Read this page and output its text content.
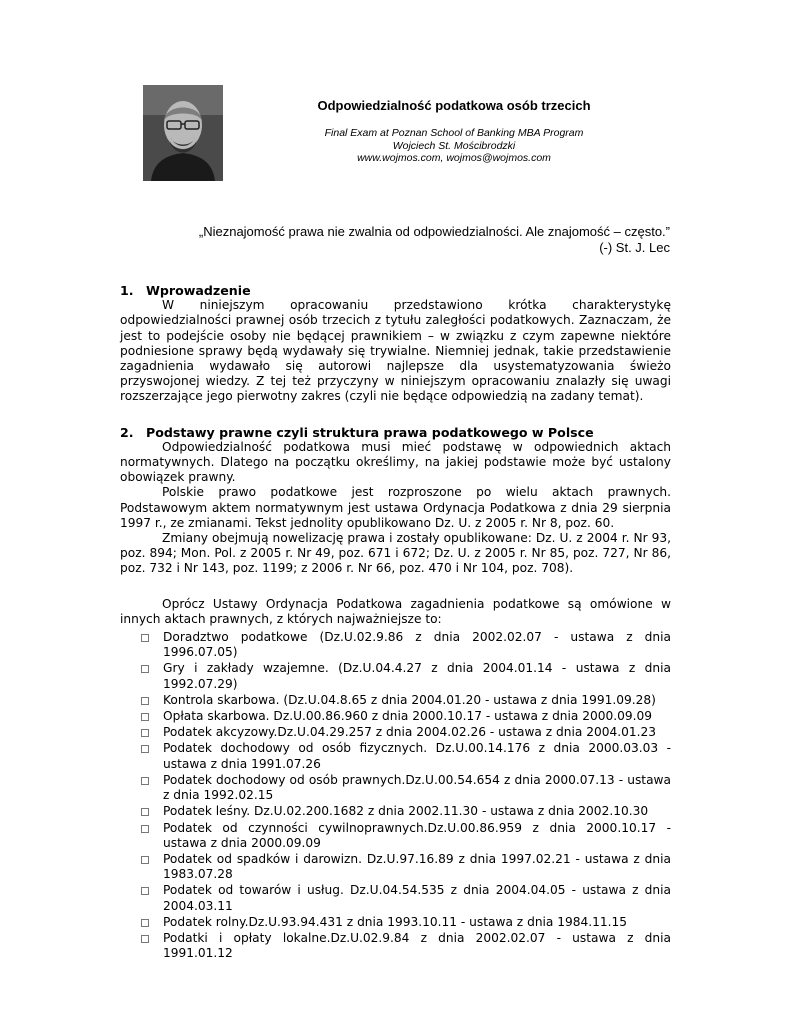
Odpowiedzialność podatkowa osób trzecich

Final Exam at Poznan School of Banking MBA Program

Wojciech St. Mościbrodzki

www.wojmos.com, wojmos@wojmos.com

„Nieznajomość prawa nie zwalnia od odpowiedzialności. Ale znajomość – często.”

(-) St. J. Lec

1. Wprowadzenie

W niniejszym opracowaniu przedstawiono krótka charakterystykę odpowiedzialności prawnej osób trzecich z tytułu zaległości podatkowych. Zaznaczam, że jest to podejście osoby nie będącej prawnikiem – w związku z czym zapewne niektóre podniesione sprawy będą wydawały się trywialne. Niemniej jednak, takie przedstawienie zagadnienia wydawało się autorowi najlepsze dla usystematyzowania świeżo przyswojonej wiedzy. Z tej też przyczyny w niniejszym opracowaniu znalazły się uwagi rozszerzające jego pierwotny zakres (czyli nie będące odpowiedzią na zadany temat).

2. Podstawy prawne czyli struktura prawa podatkowego w Polsce

Odpowiedzialność podatkowa musi mieć podstawę w odpowiednich aktach normatywnych. Dlatego na początku określimy, na jakiej podstawie może być ustalony obowiązek prawny.

Polskie prawo podatkowe jest rozproszone po wielu aktach prawnych. Podstawowym aktem normatywnym jest ustawa Ordynacja Podatkowa z dnia 29 sierpnia 1997 r., ze zmianami. Tekst jednolity opublikowano Dz. U. z 2005 r. Nr 8, poz. 60.

Zmiany obejmują nowelizację prawa i zostały opublikowane: Dz. U. z 2004 r. Nr 93, poz. 894; Mon. Pol. z 2005 r. Nr 49, poz. 671 i 672; Dz. U. z 2005 r. Nr 85, poz. 727, Nr 86, poz. 732 i Nr 143, poz. 1199; z 2006 r. Nr 66, poz. 470 i Nr 104, poz. 708).

Oprócz Ustawy Ordynacja Podatkowa zagadnienia podatkowe są omówione w innych aktach prawnych, z których najważniejsze to:

Doradztwo podatkowe (Dz.U.02.9.86 z dnia 2002.02.07 - ustawa z dnia 1996.07.05)
Gry i zakłady wzajemne. (Dz.U.04.4.27 z dnia 2004.01.14 - ustawa z dnia 1992.07.29)
Kontrola skarbowa. (Dz.U.04.8.65 z dnia 2004.01.20 - ustawa z dnia 1991.09.28)
Opłata skarbowa. Dz.U.00.86.960 z dnia 2000.10.17 - ustawa z dnia 2000.09.09
Podatek akcyzowy.Dz.U.04.29.257 z dnia 2004.02.26 - ustawa z dnia 2004.01.23
Podatek dochodowy od osób fizycznych. Dz.U.00.14.176 z dnia 2000.03.03 - ustawa z dnia 1991.07.26
Podatek dochodowy od osób prawnych.Dz.U.00.54.654 z dnia 2000.07.13 - ustawa z dnia 1992.02.15
Podatek leśny. Dz.U.02.200.1682 z dnia 2002.11.30 - ustawa z dnia 2002.10.30
Podatek od czynności cywilnoprawnych.Dz.U.00.86.959 z dnia 2000.10.17 - ustawa z dnia 2000.09.09
Podatek od spadków i darowizn. Dz.U.97.16.89 z dnia 1997.02.21 - ustawa z dnia 1983.07.28
Podatek od towarów i usług. Dz.U.04.54.535 z dnia 2004.04.05 - ustawa z dnia 2004.03.11
Podatek rolny.Dz.U.93.94.431 z dnia 1993.10.11 - ustawa z dnia 1984.11.15
Podatki i opłaty lokalne.Dz.U.02.9.84 z dnia 2002.02.07 - ustawa z dnia 1991.01.12
